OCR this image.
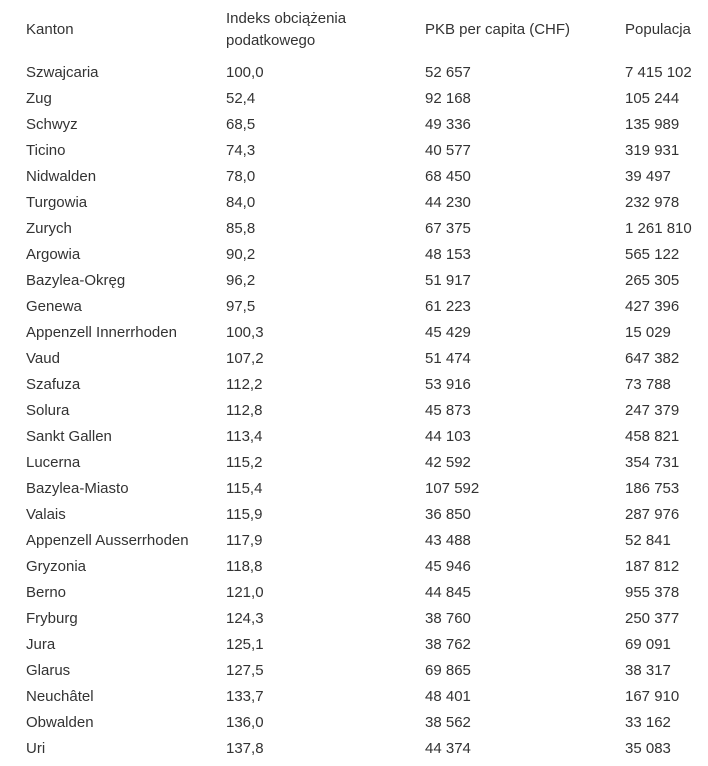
Kanton	Indeks obciążenia podatkowego	PKB per capita (CHF)	Populacja
Szwajcaria	100,0	52 657	7 415 102
Zug	52,4	92 168	105 244
Schwyz	68,5	49 336	135 989
Ticino	74,3	40 577	319 931
Nidwalden	78,0	68 450	39 497
Turgowia	84,0	44 230	232 978
Zurych	85,8	67 375	1 261 810
Argowia	90,2	48 153	565 122
Bazylea-Okręg	96,2	51 917	265 305
Genewa	97,5	61 223	427 396
Appenzell Innerrhoden	100,3	45 429	15 029
Vaud	107,2	51 474	647 382
Szafuza	112,2	53 916	73 788
Solura	112,8	45 873	247 379
Sankt Gallen	113,4	44 103	458 821
Lucerna	115,2	42 592	354 731
Bazylea-Miasto	115,4	107 592	186 753
Valais	115,9	36 850	287 976
Appenzell Ausserrhoden	117,9	43 488	52 841
Gryzonia	118,8	45 946	187 812
Berno	121,0	44 845	955 378
Fryburg	124,3	38 760	250 377
Jura	125,1	38 762	69 091
Glarus	127,5	69 865	38 317
Neuchâtel	133,7	48 401	167 910
Obwalden	136,0	38 562	33 162
Uri	137,8	44 374	35 083
